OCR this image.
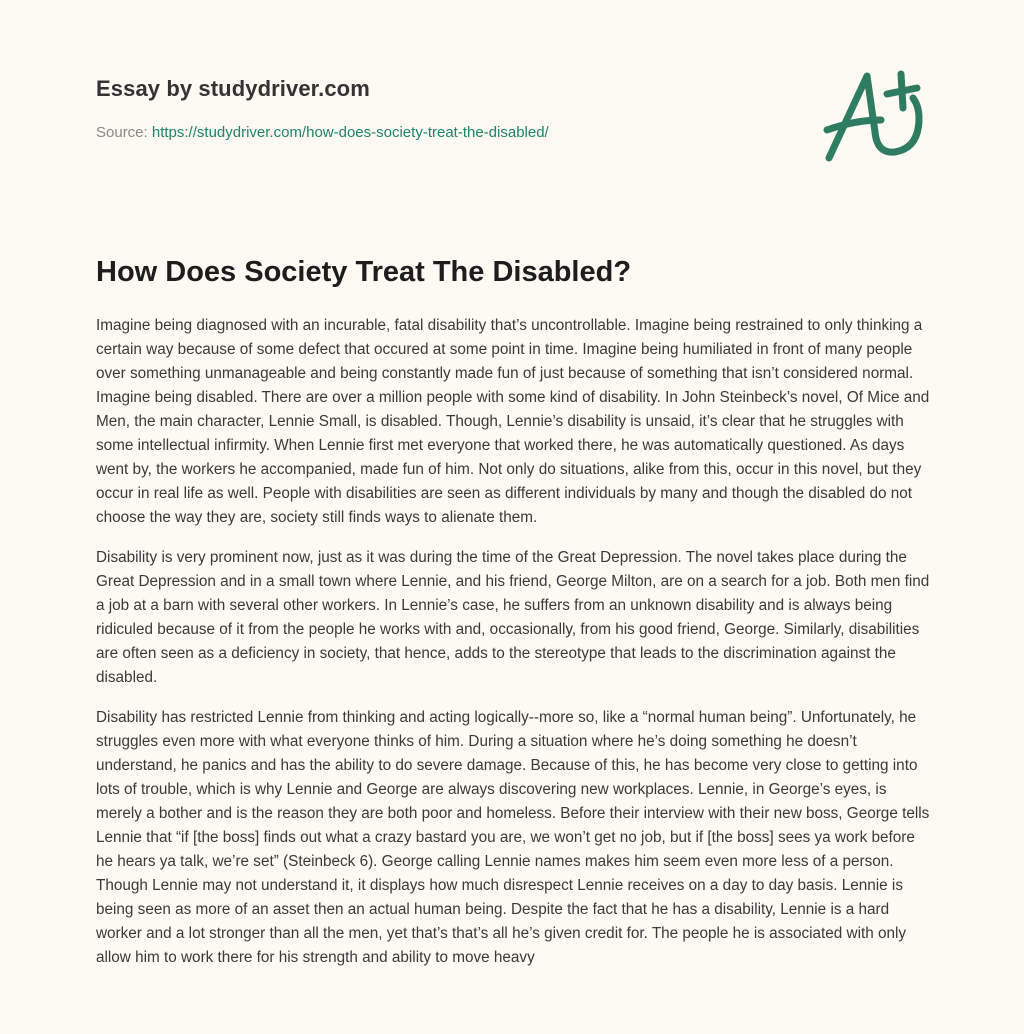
Essay by studydriver.com
Source: https://studydriver.com/how-does-society-treat-the-disabled/
How Does Society Treat The Disabled?

Imagine being diagnosed with an incurable, fatal disability that’s uncontrollable. Imagine being restrained to only thinking a certain way because of some defect that occured at some point in time. Imagine being humiliated in front of many people over something unmanageable and being constantly made fun of just because of something that isn’t considered normal. Imagine being disabled. There are over a million people with some kind of disability. In John Steinbeck’s novel, Of Mice and Men, the main character, Lennie Small, is disabled. Though, Lennie’s disability is unsaid, it’s clear that he struggles with some intellectual infirmity. When Lennie first met everyone that worked there, he was automatically questioned. As days went by, the workers he accompanied, made fun of him. Not only do situations, alike from this, occur in this novel, but they occur in real life as well. People with disabilities are seen as different individuals by many and though the disabled do not choose the way they are, society still finds ways to alienate them.

Disability is very prominent now, just as it was during the time of the Great Depression. The novel takes place during the Great Depression and in a small town where Lennie, and his friend, George Milton, are on a search for a job. Both men find a job at a barn with several other workers. In Lennie’s case, he suffers from an unknown disability and is always being ridiculed because of it from the people he works with and, occasionally, from his good friend, George. Similarly, disabilities are often seen as a deficiency in society, that hence, adds to the stereotype that leads to the discrimination against the disabled.

Disability has restricted Lennie from thinking and acting logically--more so, like a “normal human being”. Unfortunately, he struggles even more with what everyone thinks of him. During a situation where he’s doing something he doesn’t understand, he panics and has the ability to do severe damage. Because of this, he has become very close to getting into lots of trouble, which is why Lennie and George are always discovering new workplaces. Lennie, in George’s eyes, is merely a bother and is the reason they are both poor and homeless. Before their interview with their new boss, George tells Lennie that “if [the boss] finds out what a crazy bastard you are, we won’t get no job, but if [the boss] sees ya work before he hears ya talk, we’re set” (Steinbeck 6). George calling Lennie names makes him seem even more less of a person. Though Lennie may not understand it, it displays how much disrespect Lennie receives on a day to day basis. Lennie is being seen as more of an asset then an actual human being. Despite the fact that he has a disability, Lennie is a hard worker and a lot stronger than all the men, yet that’s that’s all he’s given credit for. The people he is associated with only allow him to work there for his strength and ability to move heavy
